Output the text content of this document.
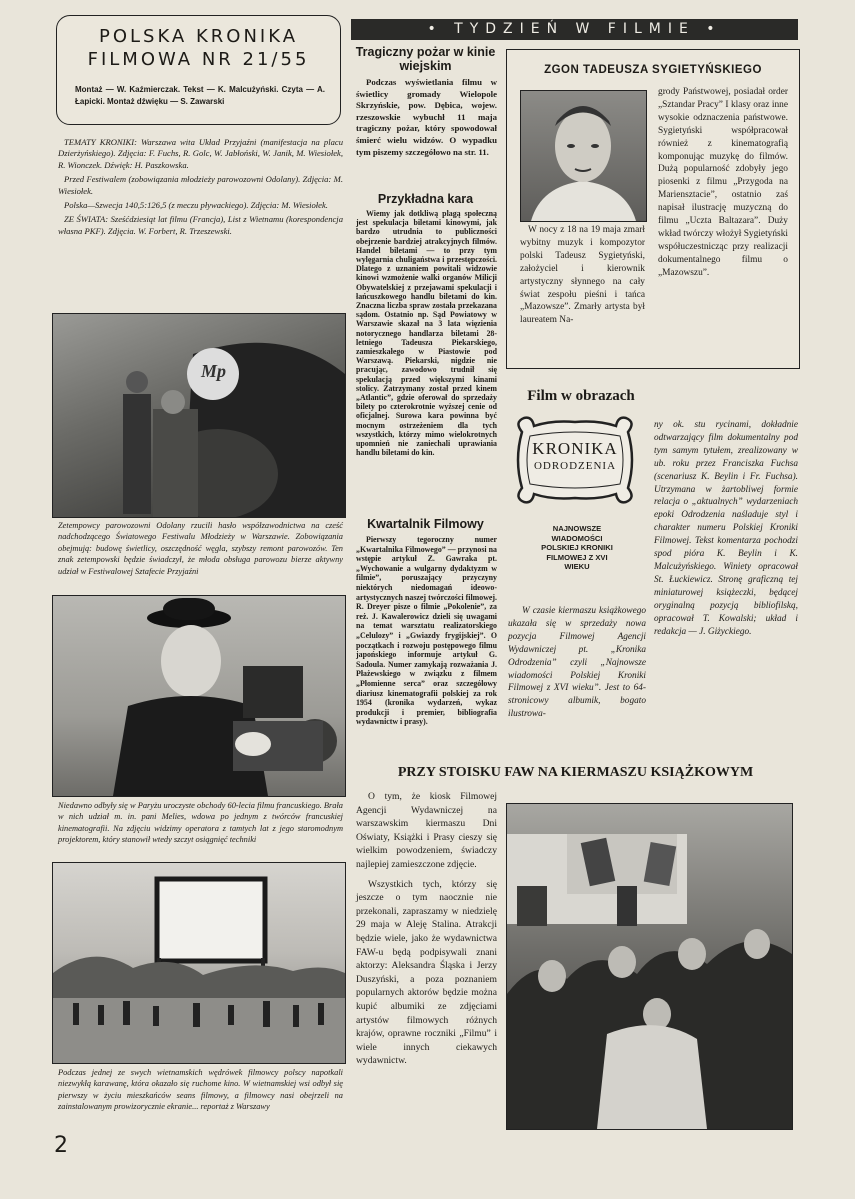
POLSKA KRONIKA
FILMOWA NR 21/55
Montaż — W. Kaźmierczak. Tekst — K. Malcużyński. Czyta — A. Łapicki. Montaż dźwięku — S. Zawarski

TEMATY KRONIKI: Warszawa wita Układ Przyjaźni (manifestacja na placu Dzierżyńskiego). Zdjęcia: F. Fuchs, R. Golc, W. Jabłoński, W. Janik, M. Wiesiołek, R. Wionczek. Dźwięk: H. Paszkowska.

Przed Festiwalem (zobowiązania młodzieży parowozowni Odolany). Zdjęcia: M. Wiesiołek.

Polska—Szwecja 140,5:126,5 (z meczu pływackiego). Zdjęcia: M. Wiesiołek.

ZE ŚWIATA: Sześćdziesiąt lat filmu (Francja), List z Wietnamu (korespondencja własna PKF). Zdjęcia. W. Forbert, R. Trzeszewski.

Mp
Zetempowcy parowozowni Odolany rzucili hasło współzawodnictwa na cześć nadchodzącego Światowego Festiwalu Młodzieży w Warszawie. Zobowiązania obejmują: budowę świetlicy, oszczędność węgla, szybszy remont parowozów. Ten znak zetempowski będzie świadczył, że młoda obsługa parowozu bierze aktywny udział w Festiwalowej Sztafecie Przyjaźni
Niedawno odbyły się w Paryżu uroczyste obchody 60-lecia filmu francuskiego. Brała w nich udział m. in. pani Melies, wdowa po jednym z twórców francuskiej kinematografii. Na zdjęciu widzimy operatora z tamtych lat z jego staromodnym projektorem, który stanowił wtedy szczyt osiągnięć techniki
Podczas jednej ze swych wietnamskich wędrówek filmowcy polscy napotkali niezwykłą karawanę, która okazało się ruchome kino. W wietnamskiej wsi odbył się pierwszy w życiu mieszkańców seans filmowy, a filmowcy nasi obejrzeli na zainstalowanym prowizorycznie ekranie... reportaż z Warszawy
2
• TYDZIEŃ W FILMIE •
Tragiczny pożar w kinie wiejskim
Podczas wyświetlania filmu w świetlicy gromady Wielopole Skrzyńskie, pow. Dębica, wojew. rzeszowskie wybuchł 11 maja tragiczny pożar, który spowodował śmierć wielu widzów. O wypadku tym piszemy szczegółowo na str. 11.
Przykładna kara
Wiemy jak dotkliwą plagą społeczną jest spekulacja biletami kinowymi, jak bardzo utrudnia to publiczności obejrzenie bardziej atrakcyjnych filmów. Handel biletami — to przy tym wylęgarnia chuligaństwa i przestępczości. Dlatego z uznaniem powitali widzowie kinowi wzmożenie walki organów Milicji Obywatelskiej z przejawami spekulacji i łańcuszkowego handlu biletami do kin. Znaczna liczba spraw została przekazana sądom. Ostatnio np. Sąd Powiatowy w Warszawie skazał na 3 lata więzienia notorycznego handlarza biletami 28-letniego Tadeusza Piekarskiego, zamieszkałego w Piastowie pod Warszawą. Piekarski, nigdzie nie pracując, zawodowo trudnił się spekulacją przed większymi kinami stolicy. Zatrzymany został przed kinem „Atlantic”, gdzie oferował do sprzedaży bilety po czterokrotnie wyższej cenie od oficjalnej. Surowa kara powinna być mocnym ostrzeżeniem dla tych wszystkich, którzy mimo wielokrotnych upomnień nie zaniechali uprawiania handlu biletami do kin.
Kwartalnik Filmowy
Pierwszy tegoroczny numer „Kwartalnika Filmowego” — przynosi na wstępie artykuł Z. Gawraka pt. „Wychowanie a wulgarny dydaktyzm w filmie”, poruszający przyczyny niektórych niedomagań ideowo-artystycznych naszej twórczości filmowej. R. Dreyer pisze o filmie „Pokolenie”, za reż. J. Kawalerowicz dzieli się uwagami na temat warsztatu realizatorskiego „Celulozy” i „Gwiazdy frygijskiej”. O początkach i rozwoju postępowego filmu japońskiego informuje artykuł G. Sadoula. Numer zamykają rozważania J. Płażewskiego w związku z filmem „Płomienne serca” oraz szczegółowy diariusz kinematografii polskiej za rok 1954 (kronika wydarzeń, wykaz produkcji i premier, bibliografia wydawnictw i prasy).
ZGON TADEUSZA SYGIETYŃSKIEGO
W nocy z 18 na 19 maja zmarł wybitny muzyk i kompozytor polski Tadeusz Sygietyński, założyciel i kierownik artystyczny słynnego na cały świat zespołu pieśni i tańca „Mazowsze”. Zmarły artysta był laureatem Na-
grody Państwowej, posiadał order „Sztandar Pracy” I klasy oraz inne wysokie odznaczenia państwowe. Sygietyński współpracował również z kinematografią komponując muzykę do filmów. Dużą popularność zdobyły jego piosenki z filmu „Przygoda na Mariensztacie”, ostatnio zaś napisał ilustrację muzyczną do filmu „Uczta Baltazara”. Duży wkład twórczy włożył Sygietyński współuczestnicząc przy realizacji dokumentalnego filmu o „Mazowszu”.
Film w obrazach
KRONIKA
ODRODZENIA
NAJNOWSZE WIADOMOŚCI POLSKIEJ KRONIKI FILMOWEJ Z XVI WIEKU
W czasie kiermaszu książkowego ukazała się w sprzedaży nowa pozycja Filmowej Agencji Wydawniczej pt. „Kronika Odrodzenia” czyli „Najnowsze wiadomości Polskiej Kroniki Filmowej z XVI wieku”. Jest to 64-stronicowy albumik, bogato ilustrowa-
ny ok. stu rycinami, dokładnie odtwarzający film dokumentalny pod tym samym tytułem, zrealizowany w ub. roku przez Franciszka Fuchsa (scenariusz K. Beylin i Fr. Fuchsa). Utrzymana w żartobliwej formie relacja o „aktualnych” wydarzeniach epoki Odrodzenia naśladuje styl i charakter numeru Polskiej Kroniki Filmowej. Tekst komentarza pochodzi spod pióra K. Beylin i K. Malcużyńskiego. Winiety opracował St. Łuckiewicz. Stronę graficzną tej miniaturowej książeczki, będącej oryginalną pozycją bibliofilską, opracował T. Kowalski; układ i redakcja — J. Giżyckiego.
PRZY STOISKU FAW NA KIERMASZU KSIĄŻKOWYM

O tym, że kiosk Filmowej Agencji Wydawniczej na warszawskim kiermaszu Dni Oświaty, Książki i Prasy cieszy się wielkim powodzeniem, świadczy najlepiej zamieszczone zdjęcie.

Wszystkich tych, którzy się jeszcze o tym naocznie nie przekonali, zapraszamy w niedzielę 29 maja w Aleję Stalina. Atrakcji będzie wiele, jako że wydawnictwa FAW-u będą podpisywali znani aktorzy: Aleksandra Śląska i Jerzy Duszyński, a poza poznaniem popularnych aktorów będzie można kupić albumiki ze zdjęciami artystów filmowych różnych krajów, oprawne roczniki „Filmu” i wiele innych ciekawych wydawnictw.
